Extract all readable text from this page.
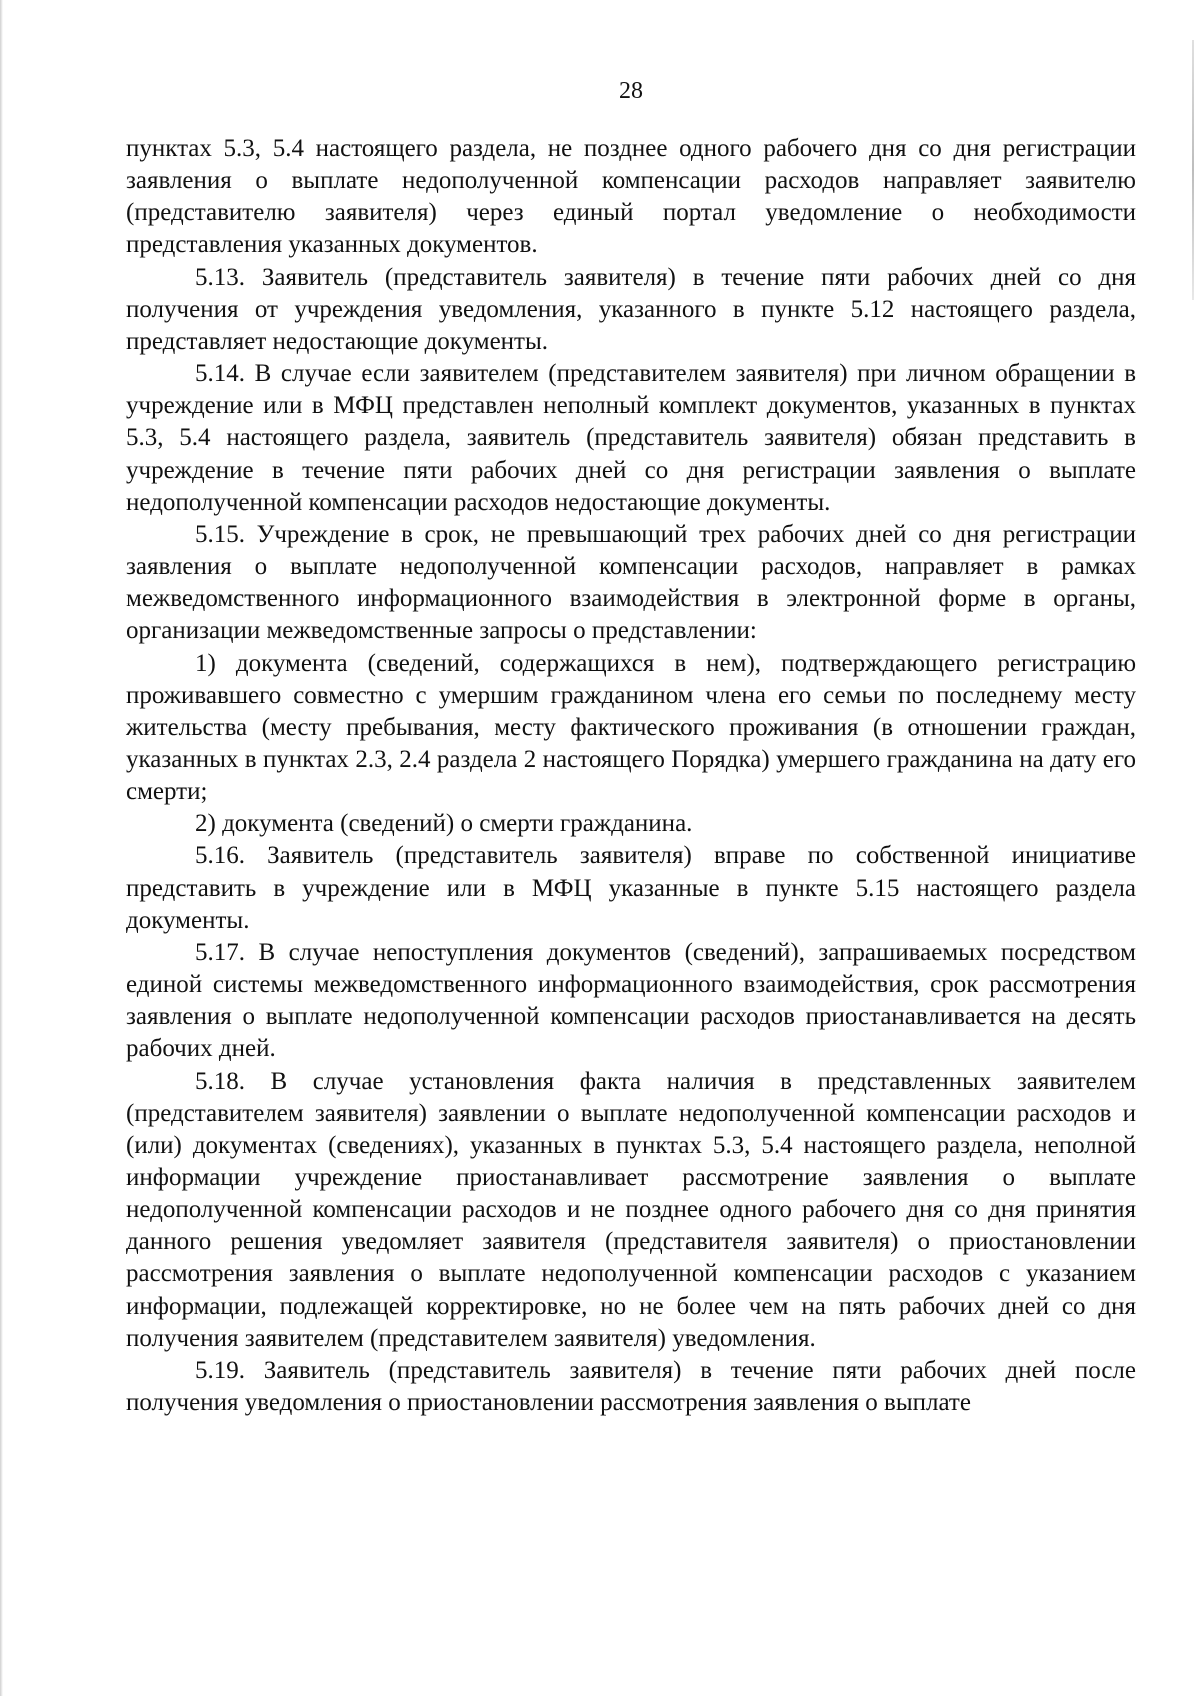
28

пунктах 5.3, 5.4 настоящего раздела, не позднее одного рабочего дня со дня регистрации заявления о выплате недополученной компенсации расходов направляет заявителю (представителю заявителя) через единый портал уведомление о необходимости представления указанных документов.

5.13. Заявитель (представитель заявителя) в течение пяти рабочих дней со дня получения от учреждения уведомления, указанного в пункте 5.12 настоящего раздела, представляет недостающие документы.

5.14. В случае если заявителем (представителем заявителя) при личном обращении в учреждение или в МФЦ представлен неполный комплект документов, указанных в пунктах 5.3, 5.4 настоящего раздела, заявитель (представитель заявителя) обязан представить в учреждение в течение пяти рабочих дней со дня регистрации заявления о выплате недополученной компенсации расходов недостающие документы.

5.15. Учреждение в срок, не превышающий трех рабочих дней со дня регистрации заявления о выплате недополученной компенсации расходов, направляет в рамках межведомственного информационного взаимодействия в электронной форме в органы, организации межведомственные запросы о представлении:

1) документа (сведений, содержащихся в нем), подтверждающего регистрацию проживавшего совместно с умершим гражданином члена его семьи по последнему месту жительства (месту пребывания, месту фактического проживания (в отношении граждан, указанных в пунктах 2.3, 2.4 раздела 2 настоящего Порядка) умершего гражданина на дату его смерти;

2) документа (сведений) о смерти гражданина.

5.16. Заявитель (представитель заявителя) вправе по собственной инициативе представить в учреждение или в МФЦ указанные в пункте 5.15 настоящего раздела документы.

5.17. В случае непоступления документов (сведений), запрашиваемых посредством единой системы межведомственного информационного взаимодействия, срок рассмотрения заявления о выплате недополученной компенсации расходов приостанавливается на десять рабочих дней.

5.18. В случае установления факта наличия в представленных заявителем (представителем заявителя) заявлении о выплате недополученной компенсации расходов и (или) документах (сведениях), указанных в пунктах 5.3, 5.4 настоящего раздела, неполной информации учреждение приостанавливает рассмотрение заявления о выплате недополученной компенсации расходов и не позднее одного рабочего дня со дня принятия данного решения уведомляет заявителя (представителя заявителя) о приостановлении рассмотрения заявления о выплате недополученной компенсации расходов с указанием информации, подлежащей корректировке, но не более чем на пять рабочих дней со дня получения заявителем (представителем заявителя) уведомления.

5.19. Заявитель (представитель заявителя) в течение пяти рабочих дней после получения уведомления о приостановлении рассмотрения заявления о выплате
